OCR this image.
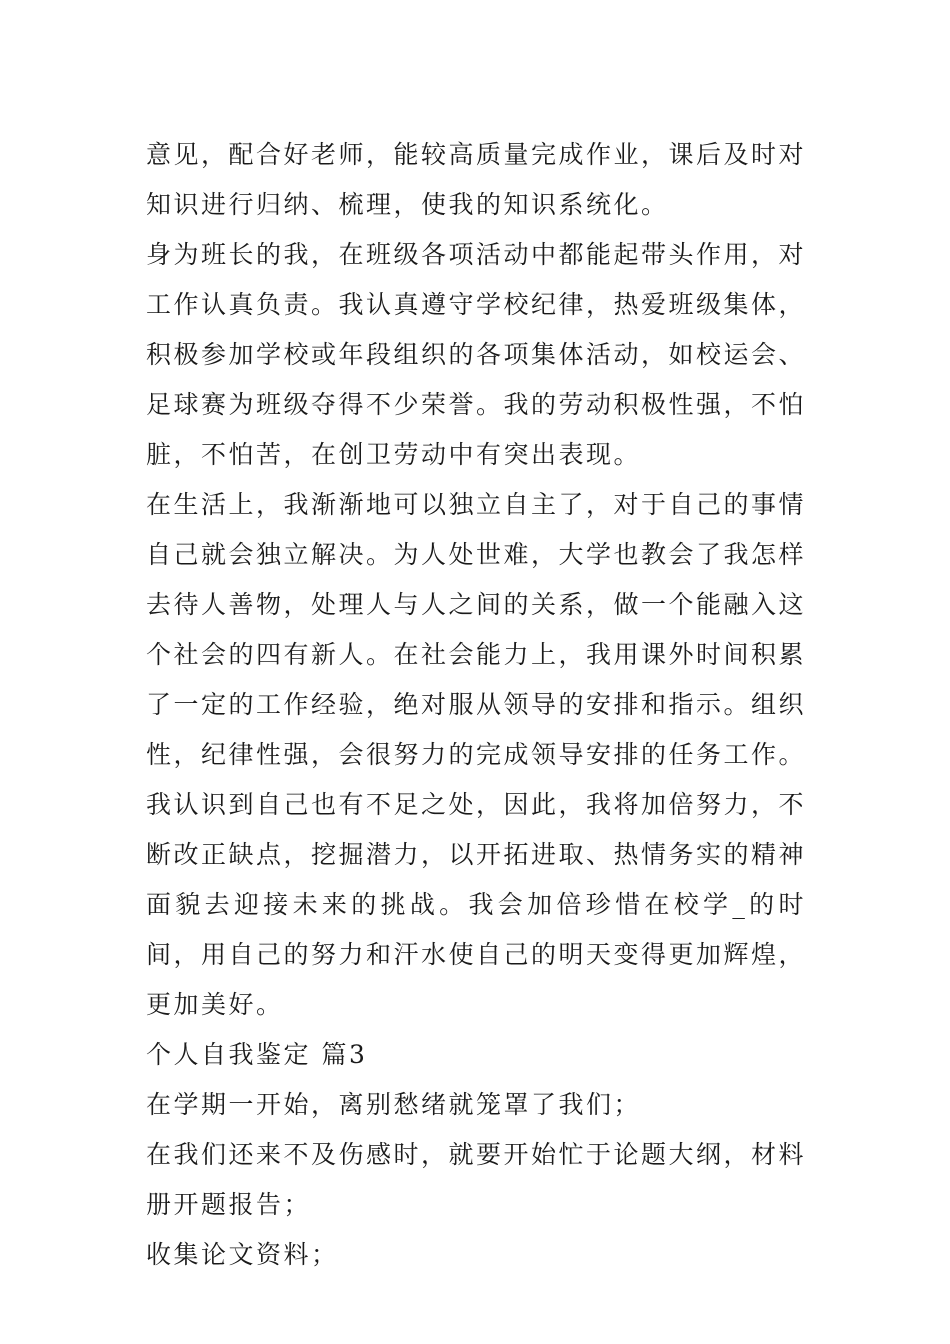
意见，配合好老师，能较高质量完成作业，课后及时对知识进行归纳、梳理，使我的知识系统化。

身为班长的我，在班级各项活动中都能起带头作用，对工作认真负责。我认真遵守学校纪律，热爱班级集体，积极参加学校或年段组织的各项集体活动，如校运会、足球赛为班级夺得不少荣誉。我的劳动积极性强，不怕脏，不怕苦，在创卫劳动中有突出表现。

在生活上，我渐渐地可以独立自主了，对于自己的事情自己就会独立解决。为人处世难，大学也教会了我怎样去待人善物，处理人与人之间的关系，做一个能融入这个社会的四有新人。在社会能力上，我用课外时间积累了一定的工作经验，绝对服从领导的安排和指示。组织性，纪律性强，会很努力的完成领导安排的任务工作。

我认识到自己也有不足之处，因此，我将加倍努力，不断改正缺点，挖掘潜力，以开拓进取、热情务实的精神面貌去迎接未来的挑战。我会加倍珍惜在校学_的时间，用自己的努力和汗水使自己的明天变得更加辉煌，更加美好。

个人自我鉴定 篇3

在学期一开始，离别愁绪就笼罩了我们；

在我们还来不及伤感时，就要开始忙于论题大纲，材料册开题报告；

收集论文资料；
